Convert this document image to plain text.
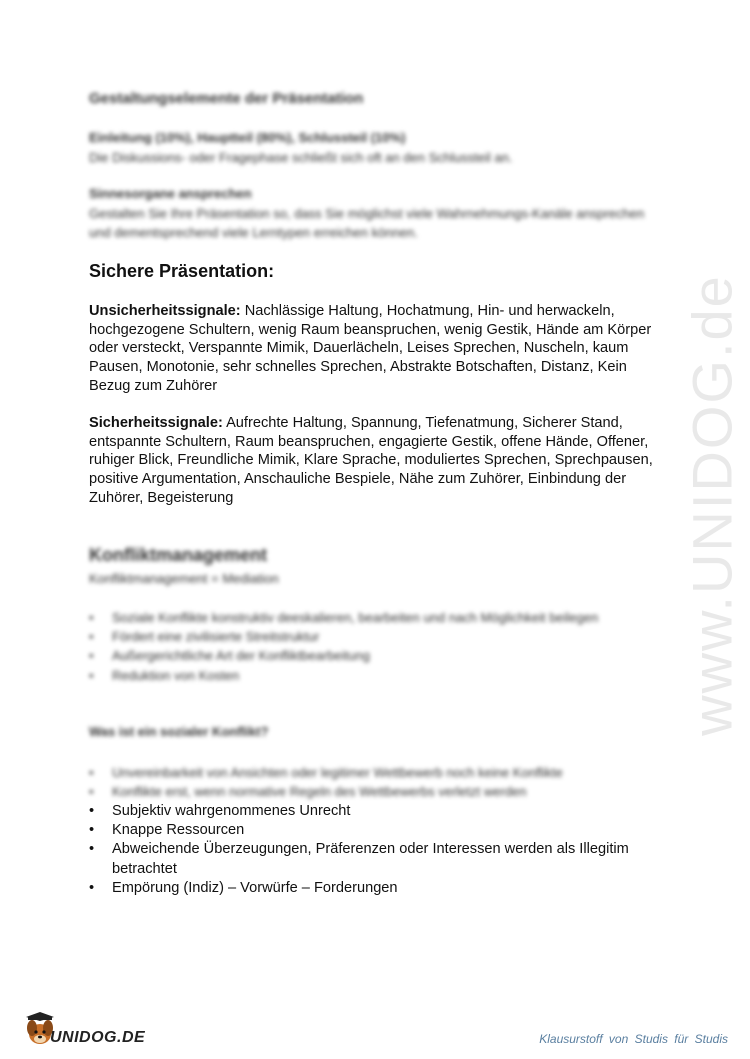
www.UNIDOG.de
Gestaltungselemente der Präsentation
Einleitung (10%), Hauptteil (80%), Schlussteil (10%)
Die Diskussions- oder Fragephase schließt sich oft an den Schlussteil an.
Sinnesorgane ansprechen
Gestalten Sie Ihre Präsentation so, dass Sie möglichst viele Wahrnehmungs-Kanäle ansprechen und dementsprechend viele Lerntypen erreichen können.
Sichere Präsentation:
Unsicherheitssignale: Nachlässige Haltung, Hochatmung, Hin- und herwackeln, hochgezogene Schultern, wenig Raum beanspruchen, wenig Gestik, Hände am Körper oder versteckt, Verspannte Mimik, Dauerlächeln, Leises Sprechen, Nuscheln, kaum Pausen, Monotonie, sehr schnelles Sprechen, Abstrakte Botschaften, Distanz, Kein Bezug zum Zuhörer
Sicherheitssignale: Aufrechte Haltung, Spannung, Tiefenatmung, Sicherer Stand, entspannte Schultern, Raum beanspruchen, engagierte Gestik, offene Hände, Offener, ruhiger Blick, Freundliche Mimik, Klare Sprache, moduliertes Sprechen, Sprechpausen, positive Argumentation, Anschauliche Bespiele, Nähe zum Zuhörer, Einbindung der Zuhörer, Begeisterung
Konfliktmanagement
Konfliktmanagement = Mediation
• Soziale Konflikte konstruktiv deeskalieren, bearbeiten und nach Möglichkeit beilegen
• Fördert eine zivilisierte Streitstruktur
• Außergerichtliche Art der Konfliktbearbeitung
• Reduktion von Kosten
Was ist ein sozialer Konflikt?
• Unvereinbarkeit von Ansichten oder legitimer Wettbewerb noch keine Konflikte
• Konflikte erst, wenn normative Regeln des Wettbewerbs verletzt werden
• Subjektiv wahrgenommenes Unrecht
• Knappe Ressourcen
• Abweichende Überzeugungen, Präferenzen oder Interessen werden als Illegitim betrachtet
• Empörung (Indiz) – Vorwürfe – Forderungen
UNIDOG.DE	Klausurstoff von Studis für Studis
